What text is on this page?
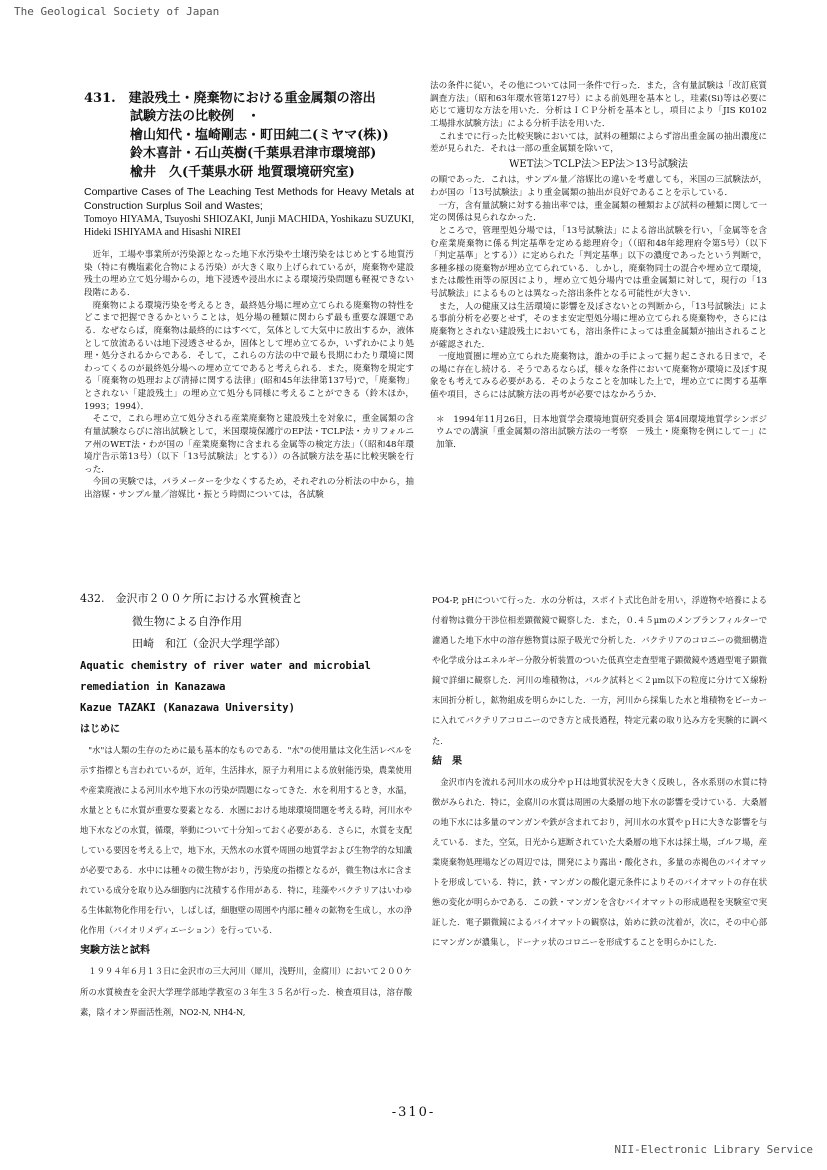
The Geological Society of Japan
431.　建設残土・廃棄物における重金属類の溶出
試験方法の比較例　・
檜山知代・塩崎剛志・町田純二(ミヤマ(株))
鈴木喜計・石山英樹(千葉県君津市環境部)
楡井　久(千葉県水研 地質環境研究室)
Compartive Cases of The Leaching Test Methods for Heavy Metals at Construction Surplus Soil and Wastes;
Tomoyo HIYAMA, Tsuyoshi SHIOZAKI, Junji MACHIDA, Yoshikazu SUZUKI, Hideki ISHIYAMA and Hisashi NIREI

近年，工場や事業所が汚染源となった地下水汚染や土壌汚染をはじめとする地質汚染（特に有機塩素化合物による汚染）が大きく取り上げられているが，廃棄物や建設残土の埋め立て処分場からの，地下浸透や浸出水による環境汚染問題も軽視できない段階にある．

廃棄物による環境汚染を考えるとき，最終処分場に埋め立てられる廃棄物の特性をどこまで把握できるかということは，処分場の種類に関わらず最も重要な課題である．なぜならば，廃棄物は最終的にはすべて，気体として大気中に放出するか，液体として放流あるいは地下浸透させるか，固体として埋め立てるか，いずれかにより処理・処分されるからである．そして，これらの方法の中で最も長期にわたり環境に関わってくるのが最終処分場への埋め立てであると考えられる．また，廃棄物を規定する「廃棄物の処理および清掃に関する法律」(昭和45年法律第137号)で，「廃棄物」とされない「建設残土」の埋め立て処分も同様に考えることができる（鈴木ほか，1993；1994）．

そこで，これら埋め立て処分される産業廃棄物と建設残土を対象に，重金属類の含有量試験ならびに溶出試験として，米国環境保護庁のEP法・TCLP法・カリフォルニア州のWET法・わが国の「産業廃棄物に含まれる金属等の検定方法」（（昭和48年環境庁告示第13号）（以下「13号試験法」とする））の各試験方法を基に比較実験を行った．

今回の実験では，パラメーターを少なくするため，それぞれの分析法の中から，抽出溶媒・サンプル量／溶媒比・振とう時間については，各試験

法の条件に従い，その他については同一条件で行った．また，含有量試験は「改訂底質調査方法」（昭和63年環水管第127号）による前処理を基本とし，珪素(Si)等は必要に応じて適切な方法を用いた．分析はＩＣＰ分析を基本とし，項目により「JIS K0102 工場排水試験方法」による分析手法を用いた．

これまでに行った比較実験においては，試料の種類によらず溶出重金属の抽出濃度に差が見られた．それは一部の重金属類を除いて，

WET法＞TCLP法＞EP法＞13号試験法

の順であった．これは，サンプル量／溶媒比の違いを考慮しても，米国の三試験法が，わが国の「13号試験法」より重金属類の抽出が良好であることを示している．

一方，含有量試験に対する抽出率では，重金属類の種類および試料の種類に関して一定の関係は見られなかった．

ところで，管理型処分場では，「13号試験法」による溶出試験を行い，「金属等を含む産業廃棄物に係る判定基準を定める総理府令」（（昭和48年総理府令第5号）（以下「判定基準」とする））に定められた「判定基準」以下の濃度であったという判断で，多種多様の廃棄物が埋め立てられている．しかし，廃棄物同士の混合や埋め立て環境，または酸性雨等の原因により，埋め立て処分場内では重金属類に対して，現行の「13号試験法」によるものとは異なった溶出条件となる可能性が大きい．

また，人の健康又は生活環境に影響を及ぼさないとの判断から，「13号試験法」による事前分析を必要とせず，そのまま安定型処分場に埋め立てられる廃棄物や，さらには廃棄物とされない建設残土においても，溶出条件によっては重金属類が抽出されることが確認された．

一度地質圏に埋め立てられた廃棄物は，誰かの手によって掘り起こされる日まで，その場に存在し続ける．そうであるならば，様々な条件において廃棄物が環境に及ぼす現象をも考えてみる必要がある．そのようなことを加味した上で，埋め立てに関する基準値や項目，さらには試験方法の再考が必要ではなかろうか．

＊　1994年11月26日，日本地質学会環境地質研究委員会 第4回環境地質学シンポジウムでの講演「重金属類の溶出試験方法の一考察　－残土・廃棄物を例にして－」に加筆．
432.　金沢市２００ケ所における水質検査と
微生物による自浄作用
田崎　和江（金沢大学理学部）
Aquatic chemistry of river water and microbial
remediation in Kanazawa
Kazue TAZAKI (Kanazawa University)
はじめに

"水"は人類の生存のために最も基本的なものである．"水"の使用量は文化生活レベルを示す指標とも言われているが，近年，生活排水，原子力利用による放射能汚染，農業使用や産業廃液による河川水や地下水の汚染が問題になってきた．水を利用するとき，水温，水量とともに水質が重要な要素となる．水圏における地球環境問題を考える時，河川水や地下水などの水質，循環，挙動について十分知っておく必要がある．さらに，水質を支配している要因を考える上で，地下水，天然水の水質や周囲の地質学および生物学的な知識が必要である．水中には種々の微生物がおり，汚染度の指標となるが，微生物は水に含まれている成分を取り込み細胞内に沈積する作用がある．特に，珪藻やバクテリアはいわゆる生体鉱物化作用を行い，しばしば，細胞壁の周囲や内部に種々の鉱物を生成し，水の浄化作用（バイオリメディエーション）を行っている．

実験方法と試料

１９９４年６月１３日に金沢市の三大河川（犀川，浅野川，金腐川）において２００ケ所の水質検査を金沢大学理学部地学教室の３年生３５名が行った．検査項目は，溶存酸素，陰イオン界面活性剤，NO2-N, NH4-N,

PO4-P, pHについて行った．水の分析は，スポイト式比色計を用い，浮遊物や培養による付着物は微分干渉位相差顕微鏡で観察した．また，０.４５μmのメンブランフィルターで濾過した地下水中の溶存態物質は原子吸光で分析した．バクテリアのコロニーの微細構造や化学成分はエネルギー分散分析装置のついた低真空走査型電子顕微鏡や透過型電子顕微鏡で詳細に観察した．河川の堆積物は，バルク試料と＜２μm以下の粒度に分けてＸ線粉末回折分析し，鉱物組成を明らかにした．一方，河川から採集した水と堆積物をビーカーに入れてバクテリアコロニーのでき方と成長過程，特定元素の取り込み方を実験的に調べた．

結　果

金沢市内を流れる河川水の成分やｐＨは地質状況を大きく反映し，各水系別の水質に特徴がみられた．特に，金腐川の水質は周囲の大桑層の地下水の影響を受けている．大桑層の地下水には多量のマンガンや鉄が含まれており，河川水の水質やｐＨに大きな影響を与えている．また，空気，日光から遮断されていた大桑層の地下水は採土場，ゴルフ場，産業廃棄物処理場などの周辺では，開発により露出・酸化され，多量の赤褐色のバイオマットを形成している．特に，鉄・マンガンの酸化還元条件によりそのバイオマットの存在状態の変化が明らかである．この鉄・マンガンを含むバイオマットの形成過程を実験室で実証した．電子顕微鏡によるバイオマットの観察は，始めに鉄の沈着が，次に，その中心部にマンガンが濃集し，ドーナッ状のコロニーを形成することを明らかにした．

-310-
NII-Electronic Library Service
